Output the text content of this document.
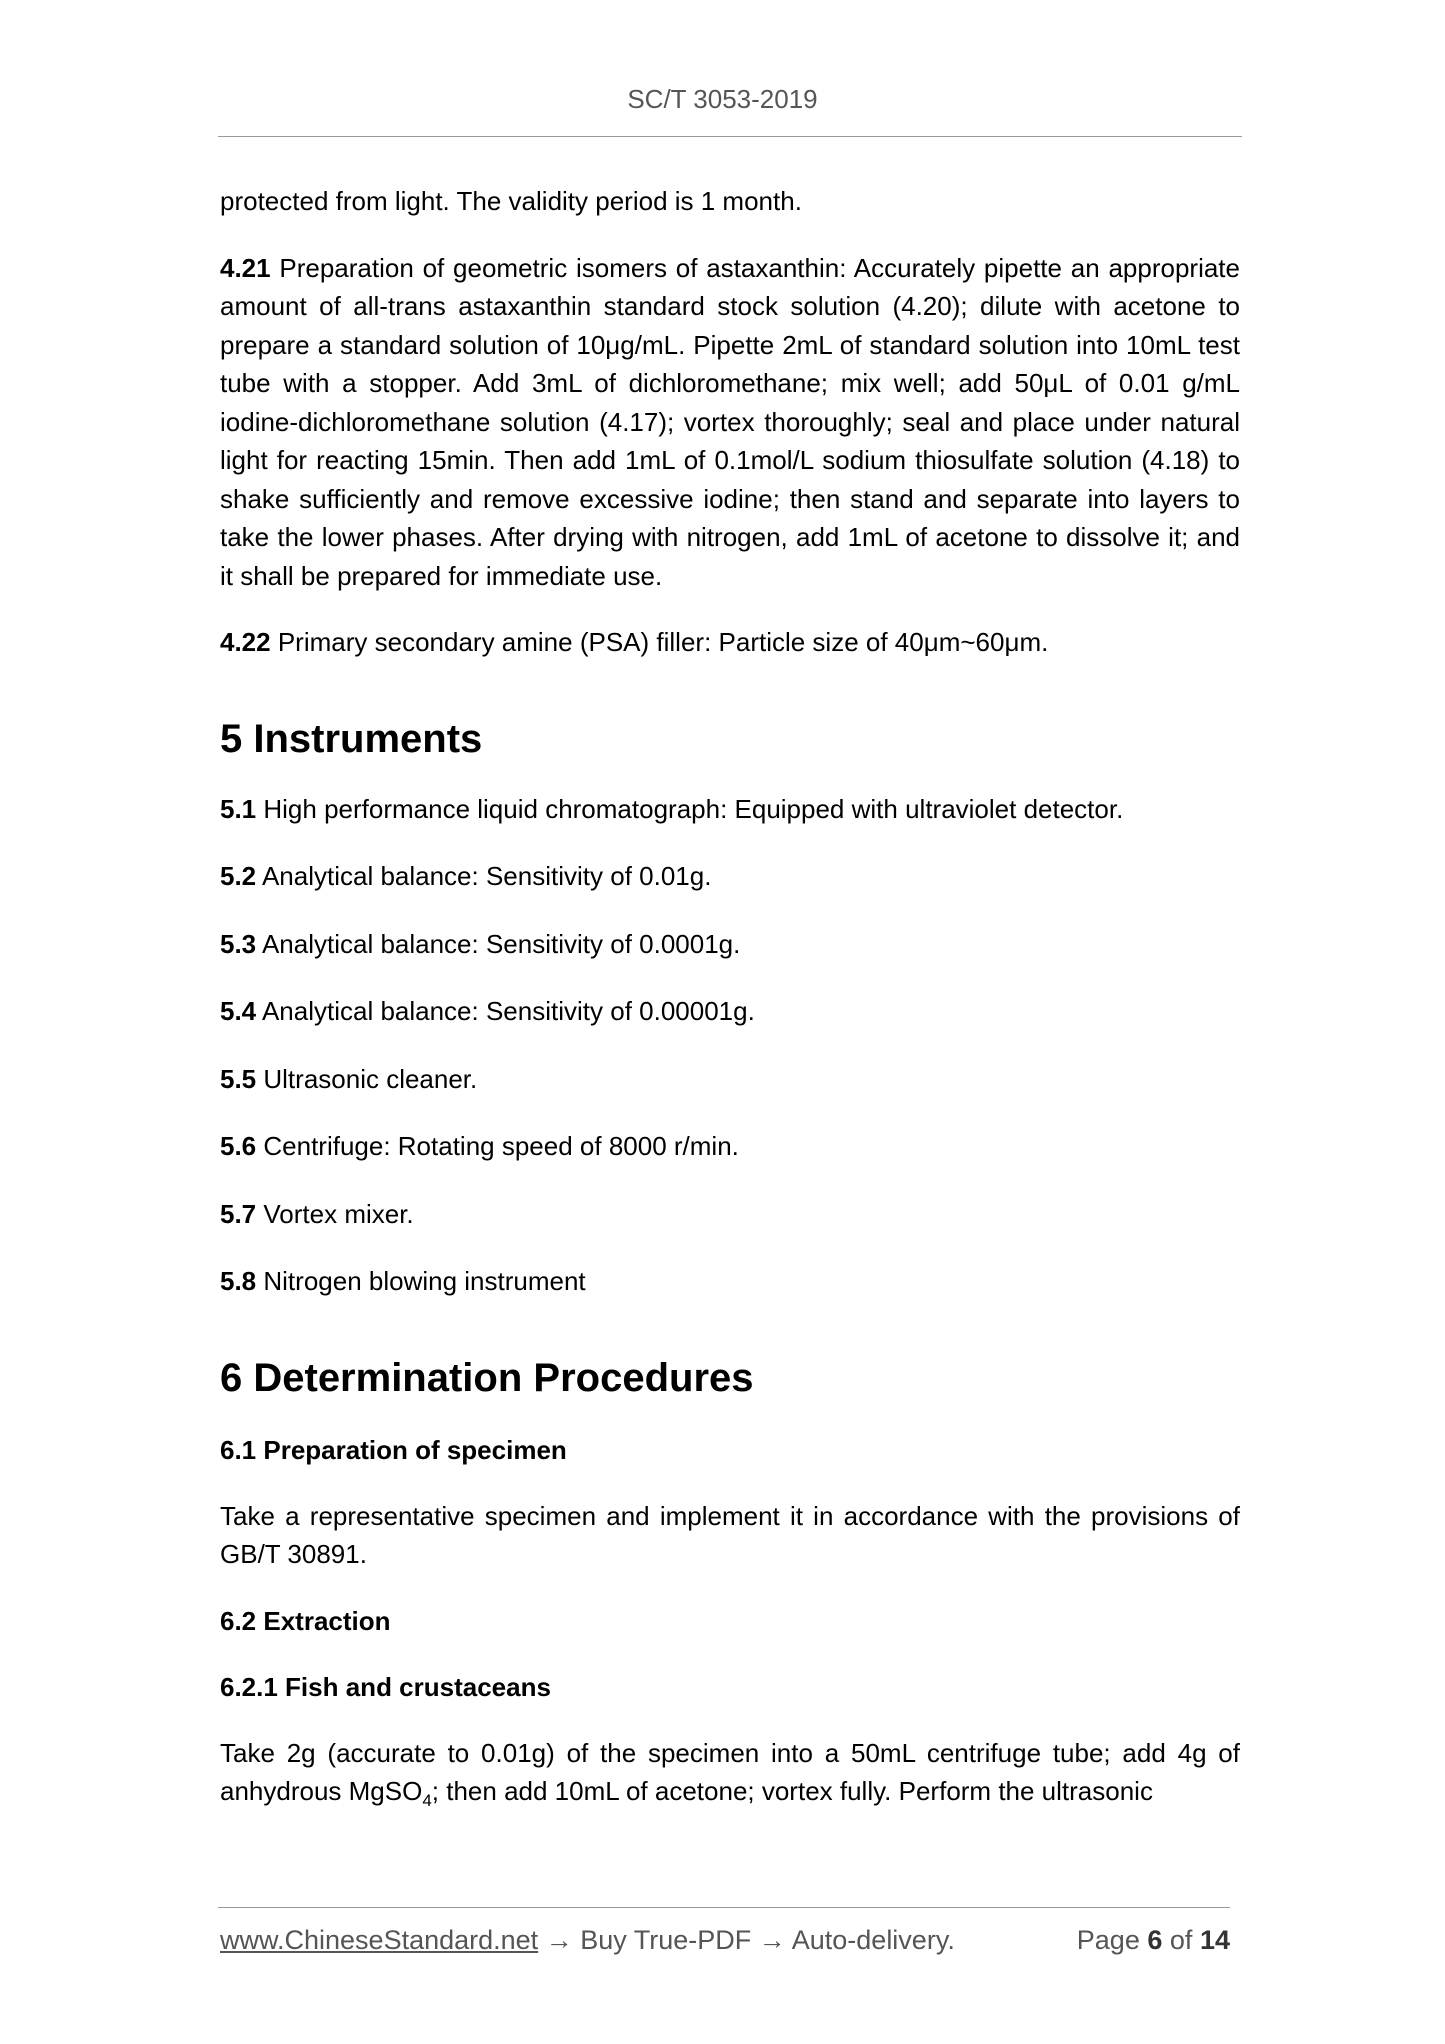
SC/T 3053-2019

protected from light. The validity period is 1 month.

4.21 Preparation of geometric isomers of astaxanthin: Accurately pipette an appropriate amount of all-trans astaxanthin standard stock solution (4.20); dilute with acetone to prepare a standard solution of 10μg/mL. Pipette 2mL of standard solution into 10mL test tube with a stopper. Add 3mL of dichloromethane; mix well; add 50μL of 0.01 g/mL iodine-dichloromethane solution (4.17); vortex thoroughly; seal and place under natural light for reacting 15min. Then add 1mL of 0.1mol/L sodium thiosulfate solution (4.18) to shake sufficiently and remove excessive iodine; then stand and separate into layers to take the lower phases. After drying with nitrogen, add 1mL of acetone to dissolve it; and it shall be prepared for immediate use.

4.22 Primary secondary amine (PSA) filler: Particle size of 40μm~60μm.

5 Instruments

5.1 High performance liquid chromatograph: Equipped with ultraviolet detector.

5.2 Analytical balance: Sensitivity of 0.01g.

5.3 Analytical balance: Sensitivity of 0.0001g.

5.4 Analytical balance: Sensitivity of 0.00001g.

5.5 Ultrasonic cleaner.

5.6 Centrifuge: Rotating speed of 8000 r/min.

5.7 Vortex mixer.

5.8 Nitrogen blowing instrument

6 Determination Procedures
6.1 Preparation of specimen

Take a representative specimen and implement it in accordance with the provisions of GB/T 30891.

6.2 Extraction
6.2.1 Fish and crustaceans

Take 2g (accurate to 0.01g) of the specimen into a 50mL centrifuge tube; add 4g of anhydrous MgSO$_4$; then add 10mL of acetone; vortex fully. Perform the ultrasonic

www.ChineseStandard.net → Buy True-PDF → Auto-delivery.	Page 6 of 14
